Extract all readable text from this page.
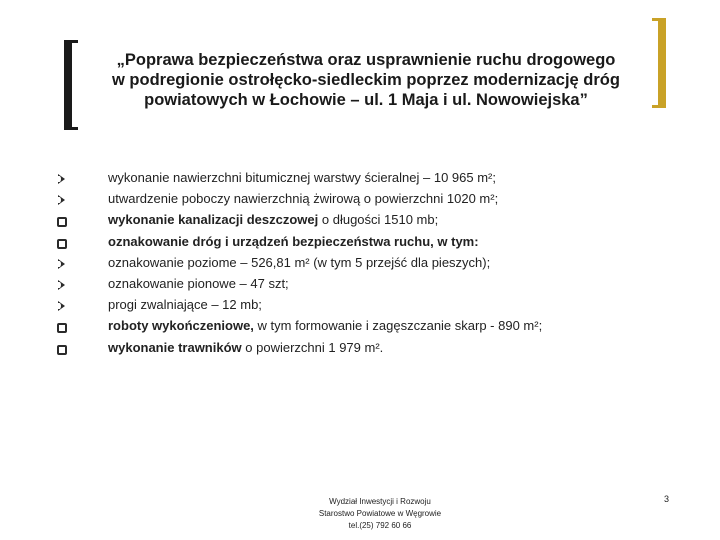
„Poprawa bezpieczeństwa oraz usprawnienie ruchu drogowego
w podregionie ostrołęcko-siedleckim poprzez modernizację dróg
powiatowych w Łochowie – ul. 1 Maja i ul. Nowowiejska”
wykonanie nawierzchni bitumicznej warstwy ścieralnej – 10 965 m²;
utwardzenie poboczy nawierzchnią żwirową o powierzchni 1020 m²;
wykonanie kanalizacji deszczowej o długości 1510 mb;
oznakowanie dróg i urządzeń bezpieczeństwa ruchu, w tym:
oznakowanie poziome – 526,81 m² (w tym 5 przejść dla pieszych);
oznakowanie pionowe – 47 szt;
progi zwalniające – 12 mb;
roboty wykończeniowe, w tym formowanie i zagęszczanie skarp - 890 m²;
wykonanie trawników o powierzchni 1 979 m².
Wydział Inwestycji i Rozwoju
Starostwo Powiatowe w Węgrowie
tel.(25) 792 60 66
3
